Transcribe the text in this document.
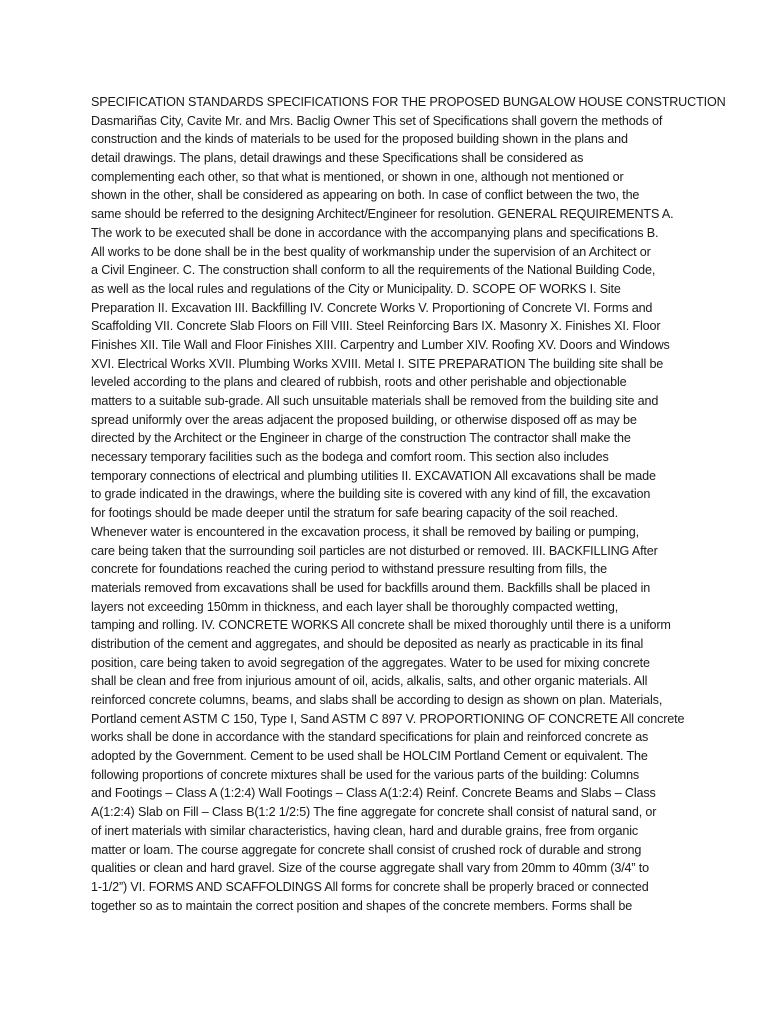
SPECIFICATION STANDARDS SPECIFICATIONS FOR THE PROPOSED BUNGALOW HOUSE CONSTRUCTION
Dasmariñas City, Cavite Mr. and Mrs. Baclig Owner This set of Specifications shall govern the methods of
construction and the kinds of materials to be used for the proposed building shown in the plans and
detail drawings. The plans, detail drawings and these Specifications shall be considered as
complementing each other, so that what is mentioned, or shown in one, although not mentioned or
shown in the other, shall be considered as appearing on both. In case of conflict between the two, the
same should be referred to the designing Architect/Engineer for resolution. GENERAL REQUIREMENTS A.
The work to be executed shall be done in accordance with the accompanying plans and specifications B.
All works to be done shall be in the best quality of workmanship under the supervision of an Architect or
a Civil Engineer. C. The construction shall conform to all the requirements of the National Building Code,
as well as the local rules and regulations of the City or Municipality. D. SCOPE OF WORKS I. Site
Preparation II. Excavation III. Backfilling IV. Concrete Works V. Proportioning of Concrete VI. Forms and
Scaffolding VII. Concrete Slab Floors on Fill VIII. Steel Reinforcing Bars IX. Masonry X. Finishes XI. Floor
Finishes XII. Tile Wall and Floor Finishes XIII. Carpentry and Lumber XIV. Roofing XV. Doors and Windows
XVI. Electrical Works XVII. Plumbing Works XVIII. Metal I. SITE PREPARATION The building site shall be
leveled according to the plans and cleared of rubbish, roots and other perishable and objectionable
matters to a suitable sub-grade. All such unsuitable materials shall be removed from the building site and
spread uniformly over the areas adjacent the proposed building, or otherwise disposed off as may be
directed by the Architect or the Engineer in charge of the construction The contractor shall make the
necessary temporary facilities such as the bodega and comfort room. This section also includes
temporary connections of electrical and plumbing utilities II. EXCAVATION All excavations shall be made
to grade indicated in the drawings, where the building site is covered with any kind of fill, the excavation
for footings should be made deeper until the stratum for safe bearing capacity of the soil reached.
Whenever water is encountered in the excavation process, it shall be removed by bailing or pumping,
care being taken that the surrounding soil particles are not disturbed or removed. III. BACKFILLING After
concrete for foundations reached the curing period to withstand pressure resulting from fills, the
materials removed from excavations shall be used for backfills around them. Backfills shall be placed in
layers not exceeding 150mm in thickness, and each layer shall be thoroughly compacted wetting,
tamping and rolling. IV. CONCRETE WORKS All concrete shall be mixed thoroughly until there is a uniform
distribution of the cement and aggregates, and should be deposited as nearly as practicable in its final
position, care being taken to avoid segregation of the aggregates. Water to be used for mixing concrete
shall be clean and free from injurious amount of oil, acids, alkalis, salts, and other organic materials. All
reinforced concrete columns, beams, and slabs shall be according to design as shown on plan. Materials,
Portland cement ASTM C 150, Type I, Sand ASTM C 897 V. PROPORTIONING OF CONCRETE All concrete
works shall be done in accordance with the standard specifications for plain and reinforced concrete as
adopted by the Government. Cement to be used shall be HOLCIM Portland Cement or equivalent. The
following proportions of concrete mixtures shall be used for the various parts of the building: Columns
and Footings – Class A (1:2:4) Wall Footings – Class A(1:2:4) Reinf. Concrete Beams and Slabs – Class
A(1:2:4) Slab on Fill – Class B(1:2 1/2:5) The fine aggregate for concrete shall consist of natural sand, or
of inert materials with similar characteristics, having clean, hard and durable grains, free from organic
matter or loam. The course aggregate for concrete shall consist of crushed rock of durable and strong
qualities or clean and hard gravel. Size of the course aggregate shall vary from 20mm to 40mm (3/4” to
1-1/2”) VI. FORMS AND SCAFFOLDINGS All forms for concrete shall be properly braced or connected
together so as to maintain the correct position and shapes of the concrete members. Forms shall be
